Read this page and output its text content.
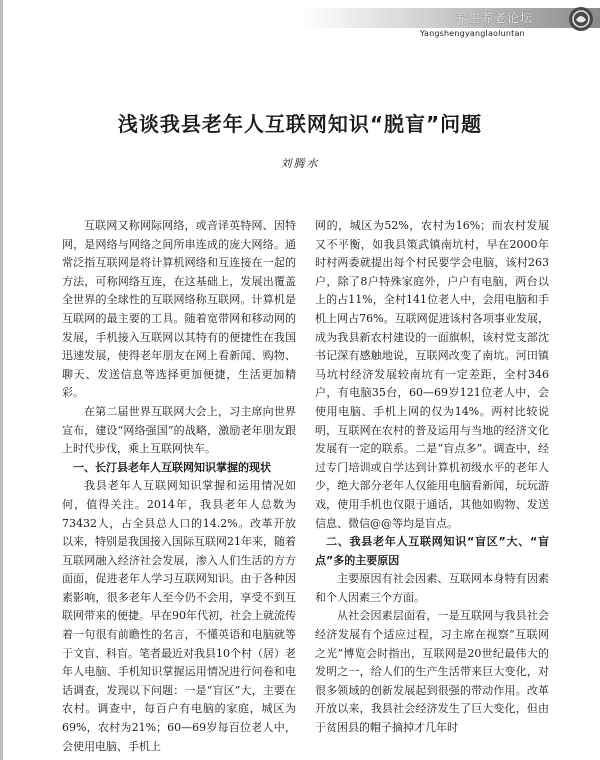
养生养老论坛
Yangshengyanglaoluntan
浅谈我县老年人互联网知识“脱盲”问题
刘腾水

互联网又称网际网络，或音译英特网、因特网，是网络与网络之间所串连成的庞大网络。通常泛指互联网是将计算机网络和互连接在一起的方法，可称网络互连，在这基础上，发展出覆盖全世界的全球性的互联网络称互联网。计算机是互联网的最主要的工具。随着宽带网和移动网的发展，手机接入互联网以其特有的便捷性在我国迅速发展，使得老年朋友在网上看新闻、购物、聊天、发送信息等选择更加便捷，生活更加精彩。

在第二届世界互联网大会上，习主席向世界宣布，建设“网络强国”的战略，激励老年朋友跟上时代步伐，乘上互联网快车。

一、长汀县老年人互联网知识掌握的现状

我县老年人互联网知识掌握和运用情况如何，值得关注。2014年，我县老年人总数为73432人，占全县总人口的14.2%。改革开放以来，特别是我国接入国际互联网21年来，随着互联网融入经济社会发展，渗入人们生活的方方面面，促进老年人学习互联网知识。由于各种因素影响，很多老年人至今仍不会用，享受不到互联网带来的便捷。早在90年代初，社会上就流传着一句很有前瞻性的名言，不懂英语和电脑就等于文盲、科盲。笔者最近对我县10个村（居）老年人电脑、手机知识掌握运用情况进行问卷和电话调查，发现以下问题：一是“盲区”大，主要在农村。调查中，每百户有电脑的家庭，城区为69%，农村为21%；60—69岁每百位老人中，会使用电脑、手机上

网的，城区为52%，农村为16%；而农村发展又不平衡，如我县策武镇南坑村，早在2000年时村两委就提出每个村民要学会电脑，该村263户，除了8户特殊家庭外，户户有电脑，两台以上的占11%，全村141位老人中，会用电脑和手机上网占76%。互联网促进该村各项事业发展，成为我县新农村建设的一面旗帜，该村党支部沈书记深有感触地说，互联网改变了南坑。河田镇马坑村经济发展较南坑有一定差距，全村346户，有电脑35台，60—69岁121位老人中，会使用电脑、手机上网的仅为14%。两村比较说明，互联网在农村的普及运用与当地的经济文化发展有一定的联系。二是“盲点多”。调查中，经过专门培训或自学达到计算机初级水平的老年人少，绝大部分老年人仅能用电脑看新闻，玩玩游戏，使用手机也仅限于通话，其他如购物、发送信息、微信@@等均是盲点。

二、我县老年人互联网知识“盲区”大、“盲点”多的主要原因

主要原因有社会因素、互联网本身特有因素和个人因素三个方面。

从社会因素层面看，一是互联网与我县社会经济发展有个适应过程，习主席在视察“互联网之光”博览会时指出，互联网是20世纪最伟大的发明之一，给人们的生产生活带来巨大变化，对很多领域的创新发展起到很强的带动作用。改革开放以来，我县社会经济发生了巨大变化，但由于贫困县的帽子摘掉才几年时
